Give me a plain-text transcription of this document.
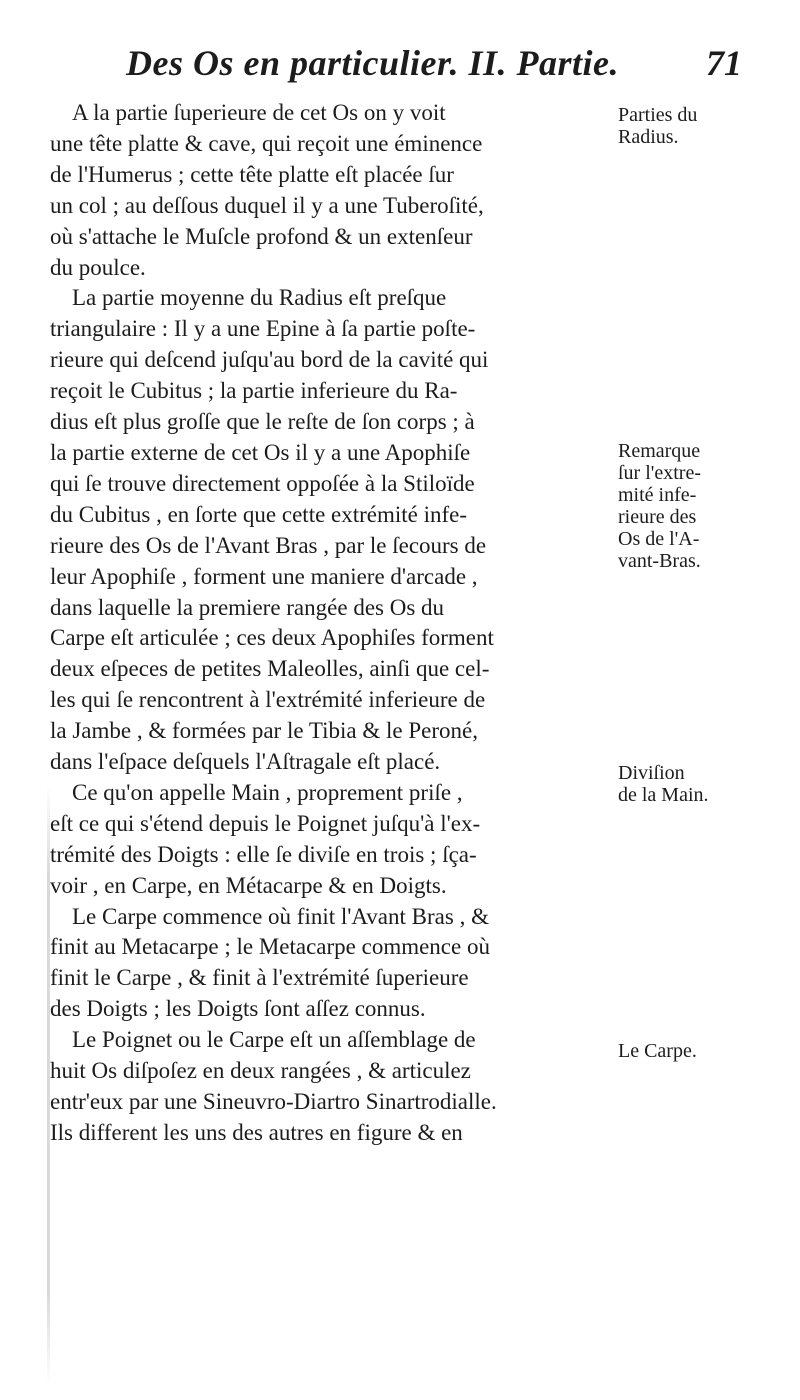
Des Os en particulier. II. Partie. 71
A la partie ſuperieure de cet Os on y voit
une tête platte & cave, qui reçoit une éminence
de l'Humerus ; cette tête platte eſt placée ſur
un col ; au deſſous duquel il y a une Tuberoſité,
où s'attache le Muſcle profond & un extenſeur
du poulce.
La partie moyenne du Radius eſt preſque
triangulaire : Il y a une Epine à ſa partie poſte-
rieure qui deſcend juſqu'au bord de la cavité qui
reçoit le Cubitus ; la partie inferieure du Ra-
dius eſt plus groſſe que le reſte de ſon corps ; à
la partie externe de cet Os il y a une Apophiſe
qui ſe trouve directement oppoſée à la Stiloïde
du Cubitus , en ſorte que cette extrémité infe-
rieure des Os de l'Avant Bras , par le ſecours de
leur Apophiſe , forment une maniere d'arcade ,
dans laquelle la premiere rangée des Os du
Carpe eſt articulée ; ces deux Apophiſes forment
deux eſpeces de petites Maleolles, ainſi que cel-
les qui ſe rencontrent à l'extrémité inferieure de
la Jambe , & formées par le Tibia & le Peroné,
dans l'eſpace deſquels l'Aſtragale eſt placé.
Ce qu'on appelle Main , proprement priſe ,
eſt ce qui s'étend depuis le Poignet juſqu'à l'ex-
trémité des Doigts : elle ſe diviſe en trois ; ſça-
voir , en Carpe, en Métacarpe & en Doigts.
Le Carpe commence où finit l'Avant Bras , &
finit au Metacarpe ; le Metacarpe commence où
finit le Carpe , & finit à l'extrémité ſuperieure
des Doigts ; les Doigts ſont aſſez connus.
Le Poignet ou le Carpe eſt un aſſemblage de
huit Os diſpoſez en deux rangées , & articulez
entr'eux par une Sineuvro-Diartro Sinartrodialle.
Ils different les uns des autres en figure & en
Parties du
Radius.
Remarque
ſur l'extre-
mité infe-
rieure des
Os de l'A-
vant-Bras.
Diviſion
de la Main.
Le Carpe.
